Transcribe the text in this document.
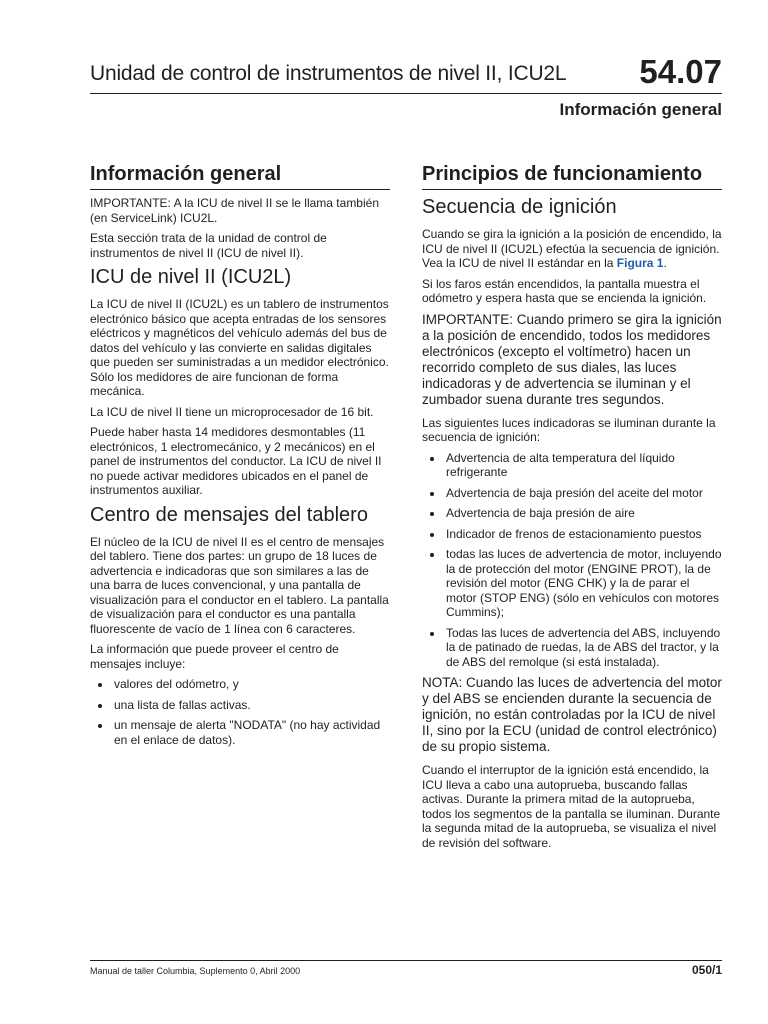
Unidad de control de instrumentos de nivel II, ICU2L 54.07
Información general
Información general

IMPORTANTE: A la ICU de nivel II se le llama también (en ServiceLink) ICU2L.

Esta sección trata de la unidad de control de instrumentos de nivel II (ICU de nivel II).

ICU de nivel II (ICU2L)

La ICU de nivel II (ICU2L) es un tablero de instrumentos electrónico básico que acepta entradas de los sensores eléctricos y magnéticos del vehículo además del bus de datos del vehículo y las convierte en salidas digitales que pueden ser suministradas a un medidor electrónico. Sólo los medidores de aire funcionan de forma mecánica.

La ICU de nivel II tiene un microprocesador de 16 bit.

Puede haber hasta 14 medidores desmontables (11 electrónicos, 1 electromecánico, y 2 mecánicos) en el panel de instrumentos del conductor. La ICU de nivel II no puede activar medidores ubicados en el panel de instrumentos auxiliar.

Centro de mensajes del tablero

El núcleo de la ICU de nivel II es el centro de mensajes del tablero. Tiene dos partes: un grupo de 18 luces de advertencia e indicadoras que son similares a las de una barra de luces convencional, y una pantalla de visualización para el conductor en el tablero. La pantalla de visualización para el conductor es una pantalla fluorescente de vacío de 1 línea con 6 caracteres.

La información que puede proveer el centro de mensajes incluye:

• valores del odómetro, y
• una lista de fallas activas.
• un mensaje de alerta "NODATA" (no hay actividad en el enlace de datos).
Principios de funcionamiento
Secuencia de ignición

Cuando se gira la ignición a la posición de encendido, la ICU de nivel II (ICU2L) efectúa la secuencia de ignición. Vea la ICU de nivel II estándar en la Figura 1.

Si los faros están encendidos, la pantalla muestra el odómetro y espera hasta que se encienda la ignición.

IMPORTANTE: Cuando primero se gira la ignición a la posición de encendido, todos los medidores electrónicos (excepto el voltímetro) hacen un recorrido completo de sus diales, las luces indicadoras y de advertencia se iluminan y el zumbador suena durante tres segundos.

Las siguientes luces indicadoras se iluminan durante la secuencia de ignición:

• Advertencia de alta temperatura del líquido refrigerante
• Advertencia de baja presión del aceite del motor
• Advertencia de baja presión de aire
• Indicador de frenos de estacionamiento puestos
• todas las luces de advertencia de motor, incluyendo la de protección del motor (ENGINE PROT), la de revisión del motor (ENG CHK) y la de parar el motor (STOP ENG) (sólo en vehículos con motores Cummins);
• Todas las luces de advertencia del ABS, incluyendo la de patinado de ruedas, la de ABS del tractor, y la de ABS del remolque (si está instalada).

NOTA: Cuando las luces de advertencia del motor y del ABS se encienden durante la secuencia de ignición, no están controladas por la ICU de nivel II, sino por la ECU (unidad de control electrónico) de su propio sistema.

Cuando el interruptor de la ignición está encendido, la ICU lleva a cabo una autoprueba, buscando fallas activas. Durante la primera mitad de la autoprueba, todos los segmentos de la pantalla se iluminan. Durante la segunda mitad de la autoprueba, se visualiza el nivel de revisión del software.

Manual de taller Columbia, Suplemento 0, Abril 2000	050/1
